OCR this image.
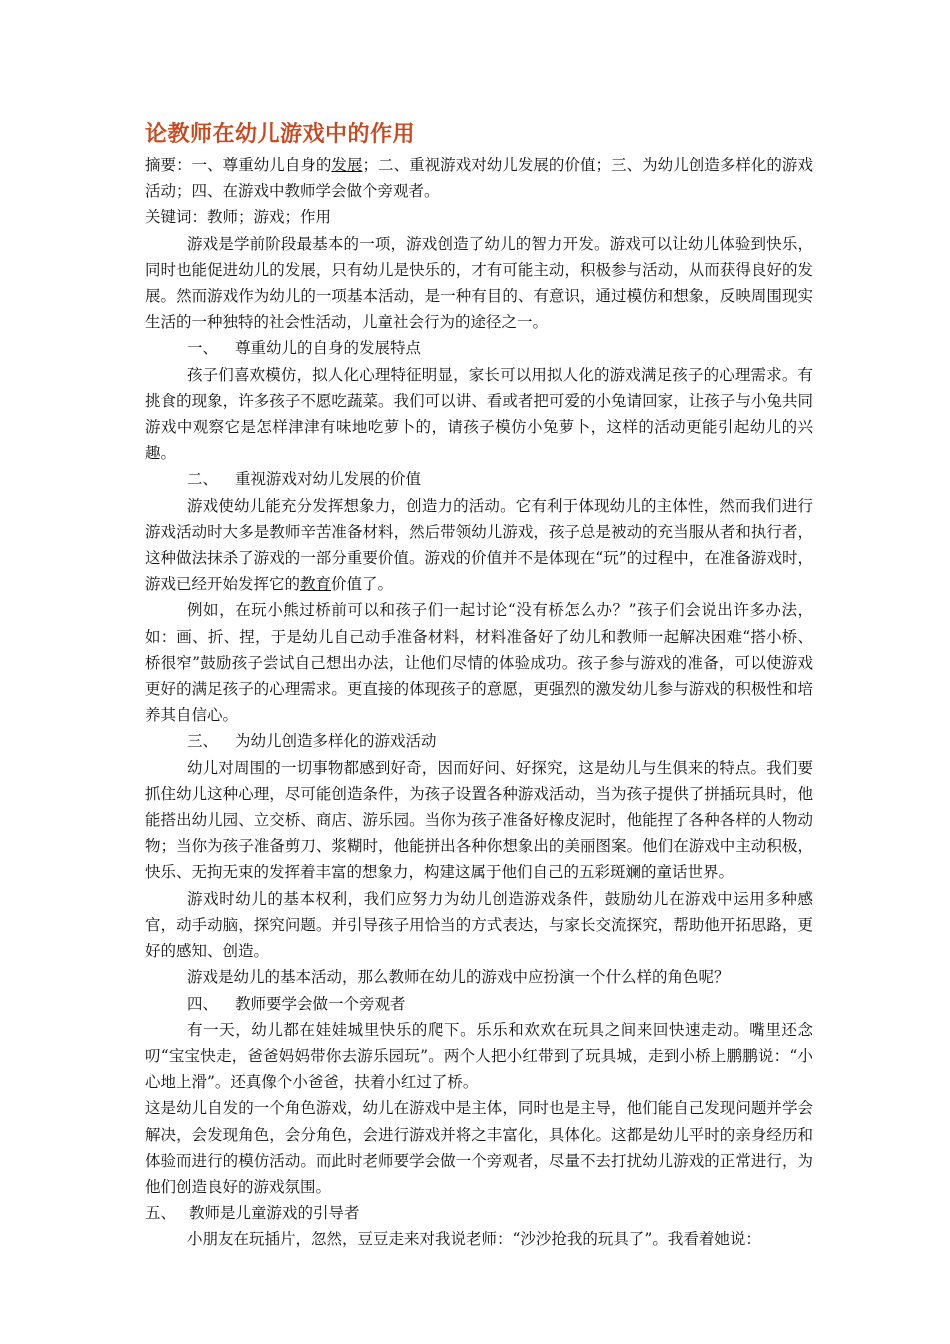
论教师在幼儿游戏中的作用

摘要：一、尊重幼儿自身的发展；二、重视游戏对幼儿发展的价值；三、为幼儿创造多样化的游戏活动；四、在游戏中教师学会做个旁观者。

关键词：教师；游戏；作用

游戏是学前阶段最基本的一项，游戏创造了幼儿的智力开发。游戏可以让幼儿体验到快乐，同时也能促进幼儿的发展，只有幼儿是快乐的，才有可能主动，积极参与活动，从而获得良好的发展。然而游戏作为幼儿的一项基本活动，是一种有目的、有意识，通过模仿和想象，反映周围现实生活的一种独特的社会性活动，儿童社会行为的途径之一。

一、 尊重幼儿的自身的发展特点

孩子们喜欢模仿，拟人化心理特征明显，家长可以用拟人化的游戏满足孩子的心理需求。有挑食的现象，许多孩子不愿吃蔬菜。我们可以讲、看或者把可爱的小兔请回家，让孩子与小兔共同游戏中观察它是怎样津津有味地吃萝卜的，请孩子模仿小兔萝卜，这样的活动更能引起幼儿的兴趣。

二、 重视游戏对幼儿发展的价值

游戏使幼儿能充分发挥想象力，创造力的活动。它有利于体现幼儿的主体性，然而我们进行游戏活动时大多是教师辛苦准备材料，然后带领幼儿游戏，孩子总是被动的充当服从者和执行者，这种做法抹杀了游戏的一部分重要价值。游戏的价值并不是体现在“玩”的过程中，在准备游戏时，游戏已经开始发挥它的教育价值了。

例如，在玩小熊过桥前可以和孩子们一起讨论“没有桥怎么办？”孩子们会说出许多办法，如：画、折、捏，于是幼儿自己动手准备材料，材料准备好了幼儿和教师一起解决困难“搭小桥、桥很窄”鼓励孩子尝试自己想出办法，让他们尽情的体验成功。孩子参与游戏的准备，可以使游戏更好的满足孩子的心理需求。更直接的体现孩子的意愿，更强烈的激发幼儿参与游戏的积极性和培养其自信心。

三、 为幼儿创造多样化的游戏活动

幼儿对周围的一切事物都感到好奇，因而好问、好探究，这是幼儿与生俱来的特点。我们要抓住幼儿这种心理，尽可能创造条件，为孩子设置各种游戏活动，当为孩子提供了拼插玩具时，他能搭出幼儿园、立交桥、商店、游乐园。当你为孩子准备好橡皮泥时，他能捏了各种各样的人物动物；当你为孩子准备剪刀、浆糊时，他能拼出各种你想象出的美丽图案。他们在游戏中主动积极，快乐、无拘无束的发挥着丰富的想象力，构建这属于他们自己的五彩斑斓的童话世界。

游戏时幼儿的基本权利，我们应努力为幼儿创造游戏条件，鼓励幼儿在游戏中运用多种感官，动手动脑，探究问题。并引导孩子用恰当的方式表达，与家长交流探究，帮助他开拓思路，更好的感知、创造。

游戏是幼儿的基本活动，那么教师在幼儿的游戏中应扮演一个什么样的角色呢？

四、 教师要学会做一个旁观者

有一天，幼儿都在娃娃城里快乐的爬下。乐乐和欢欢在玩具之间来回快速走动。嘴里还念叨“宝宝快走，爸爸妈妈带你去游乐园玩”。两个人把小红带到了玩具城，走到小桥上鹏鹏说：“小心地上滑”。还真像个小爸爸，扶着小红过了桥。

这是幼儿自发的一个角色游戏，幼儿在游戏中是主体，同时也是主导，他们能自己发现问题并学会解决，会发现角色，会分角色，会进行游戏并将之丰富化，具体化。这都是幼儿平时的亲身经历和体验而进行的模仿活动。而此时老师要学会做一个旁观者，尽量不去打扰幼儿游戏的正常进行，为他们创造良好的游戏氛围。

五、 教师是儿童游戏的引导者

小朋友在玩插片，忽然，豆豆走来对我说老师：“沙沙抢我的玩具了”。我看着她说：
